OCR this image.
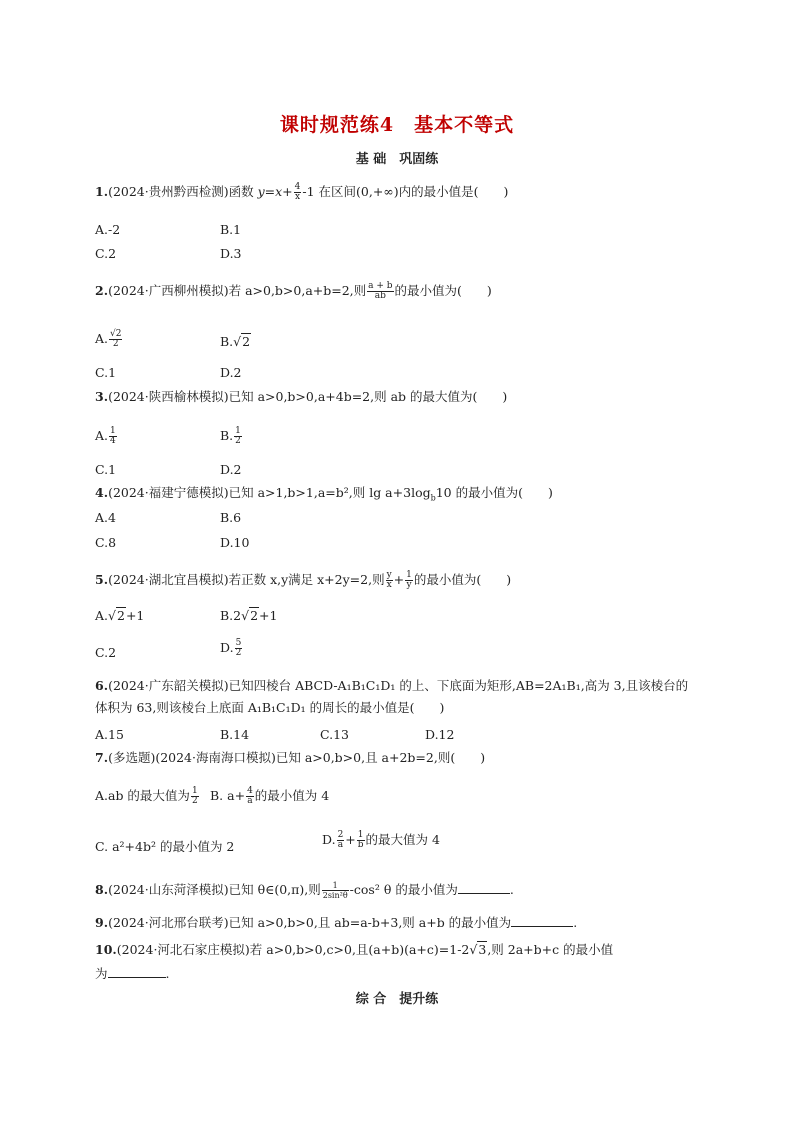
课时规范练4　基本不等式
基 础　巩固练
1.(2024·贵州黔西检测)函数 $y=x+ \frac{4}{x} -1$ 在区间(0,+∞)内的最小值是(　　)
A.-2	B.1
C.2	D.3
2.(2024·广西柳州模拟)若 a>0,b>0,a+b=2,则 $\frac{a + b}{ab}$ 的最小值为(　　)
A. $\frac{√2}{2}$	B.√2
C.1	D.2
3.(2024·陕西榆林模拟)已知 a>0,b>0,a+4b=2,则 ab 的最大值为(　　)
A. $\frac{1}{4}$	B. $\frac{1}{2}$
C.1	D.2
4.(2024·福建宁德模拟)已知 a>1,b>1,a=b²,则 $\lg a+3\log_b10$ 的最小值为(　　)
A.4	B.6
C.8	D.10
5.(2024·湖北宜昌模拟)若正数 x,y满足 x+2y=2,则 $\frac{y}{x} + \frac{1}{y}$ 的最小值为(　　)
A.√2+1	B.2√2+1
C.2	D. $\frac{5}{2}$
6.(2024·广东韶关模拟)已知四棱台 ABCD-A₁B₁C₁D₁ 的上、下底面为矩形,AB=2A₁B₁,高为 3,且该棱台的体积为 63,则该棱台上底面 A₁B₁C₁D₁ 的周长的最小值是(　　)
A.15	B.14	C.13	D.12
7.(多选题)(2024·海南海口模拟)已知 a>0,b>0,且 a+2b=2,则(　　)
A.ab 的最大值为 $\frac{1}{2} B$. $a+ \frac{4}{a}$ 的最小值为 4
C. a²+4b² 的最小值为 2	D. $\frac{2}{a} + \frac{1}{b}$ 的最大值为 4
8.(2024·山东菏泽模拟)已知 θ∈(0,π),则 $\frac{1}{\text{2sin²θ}} -\cos^2$ θ 的最小值为	.
9.(2024·河北邢台联考)已知 a>0,b>0,且 ab=a-b+3,则 a+b 的最小值为	.
10.(2024·河北石家庄模拟)若 a>0,b>0,c>0,且(a+b)(a+c)=1-2√3,则 2a+b+c 的最小值
为	.
综 合　提升练
